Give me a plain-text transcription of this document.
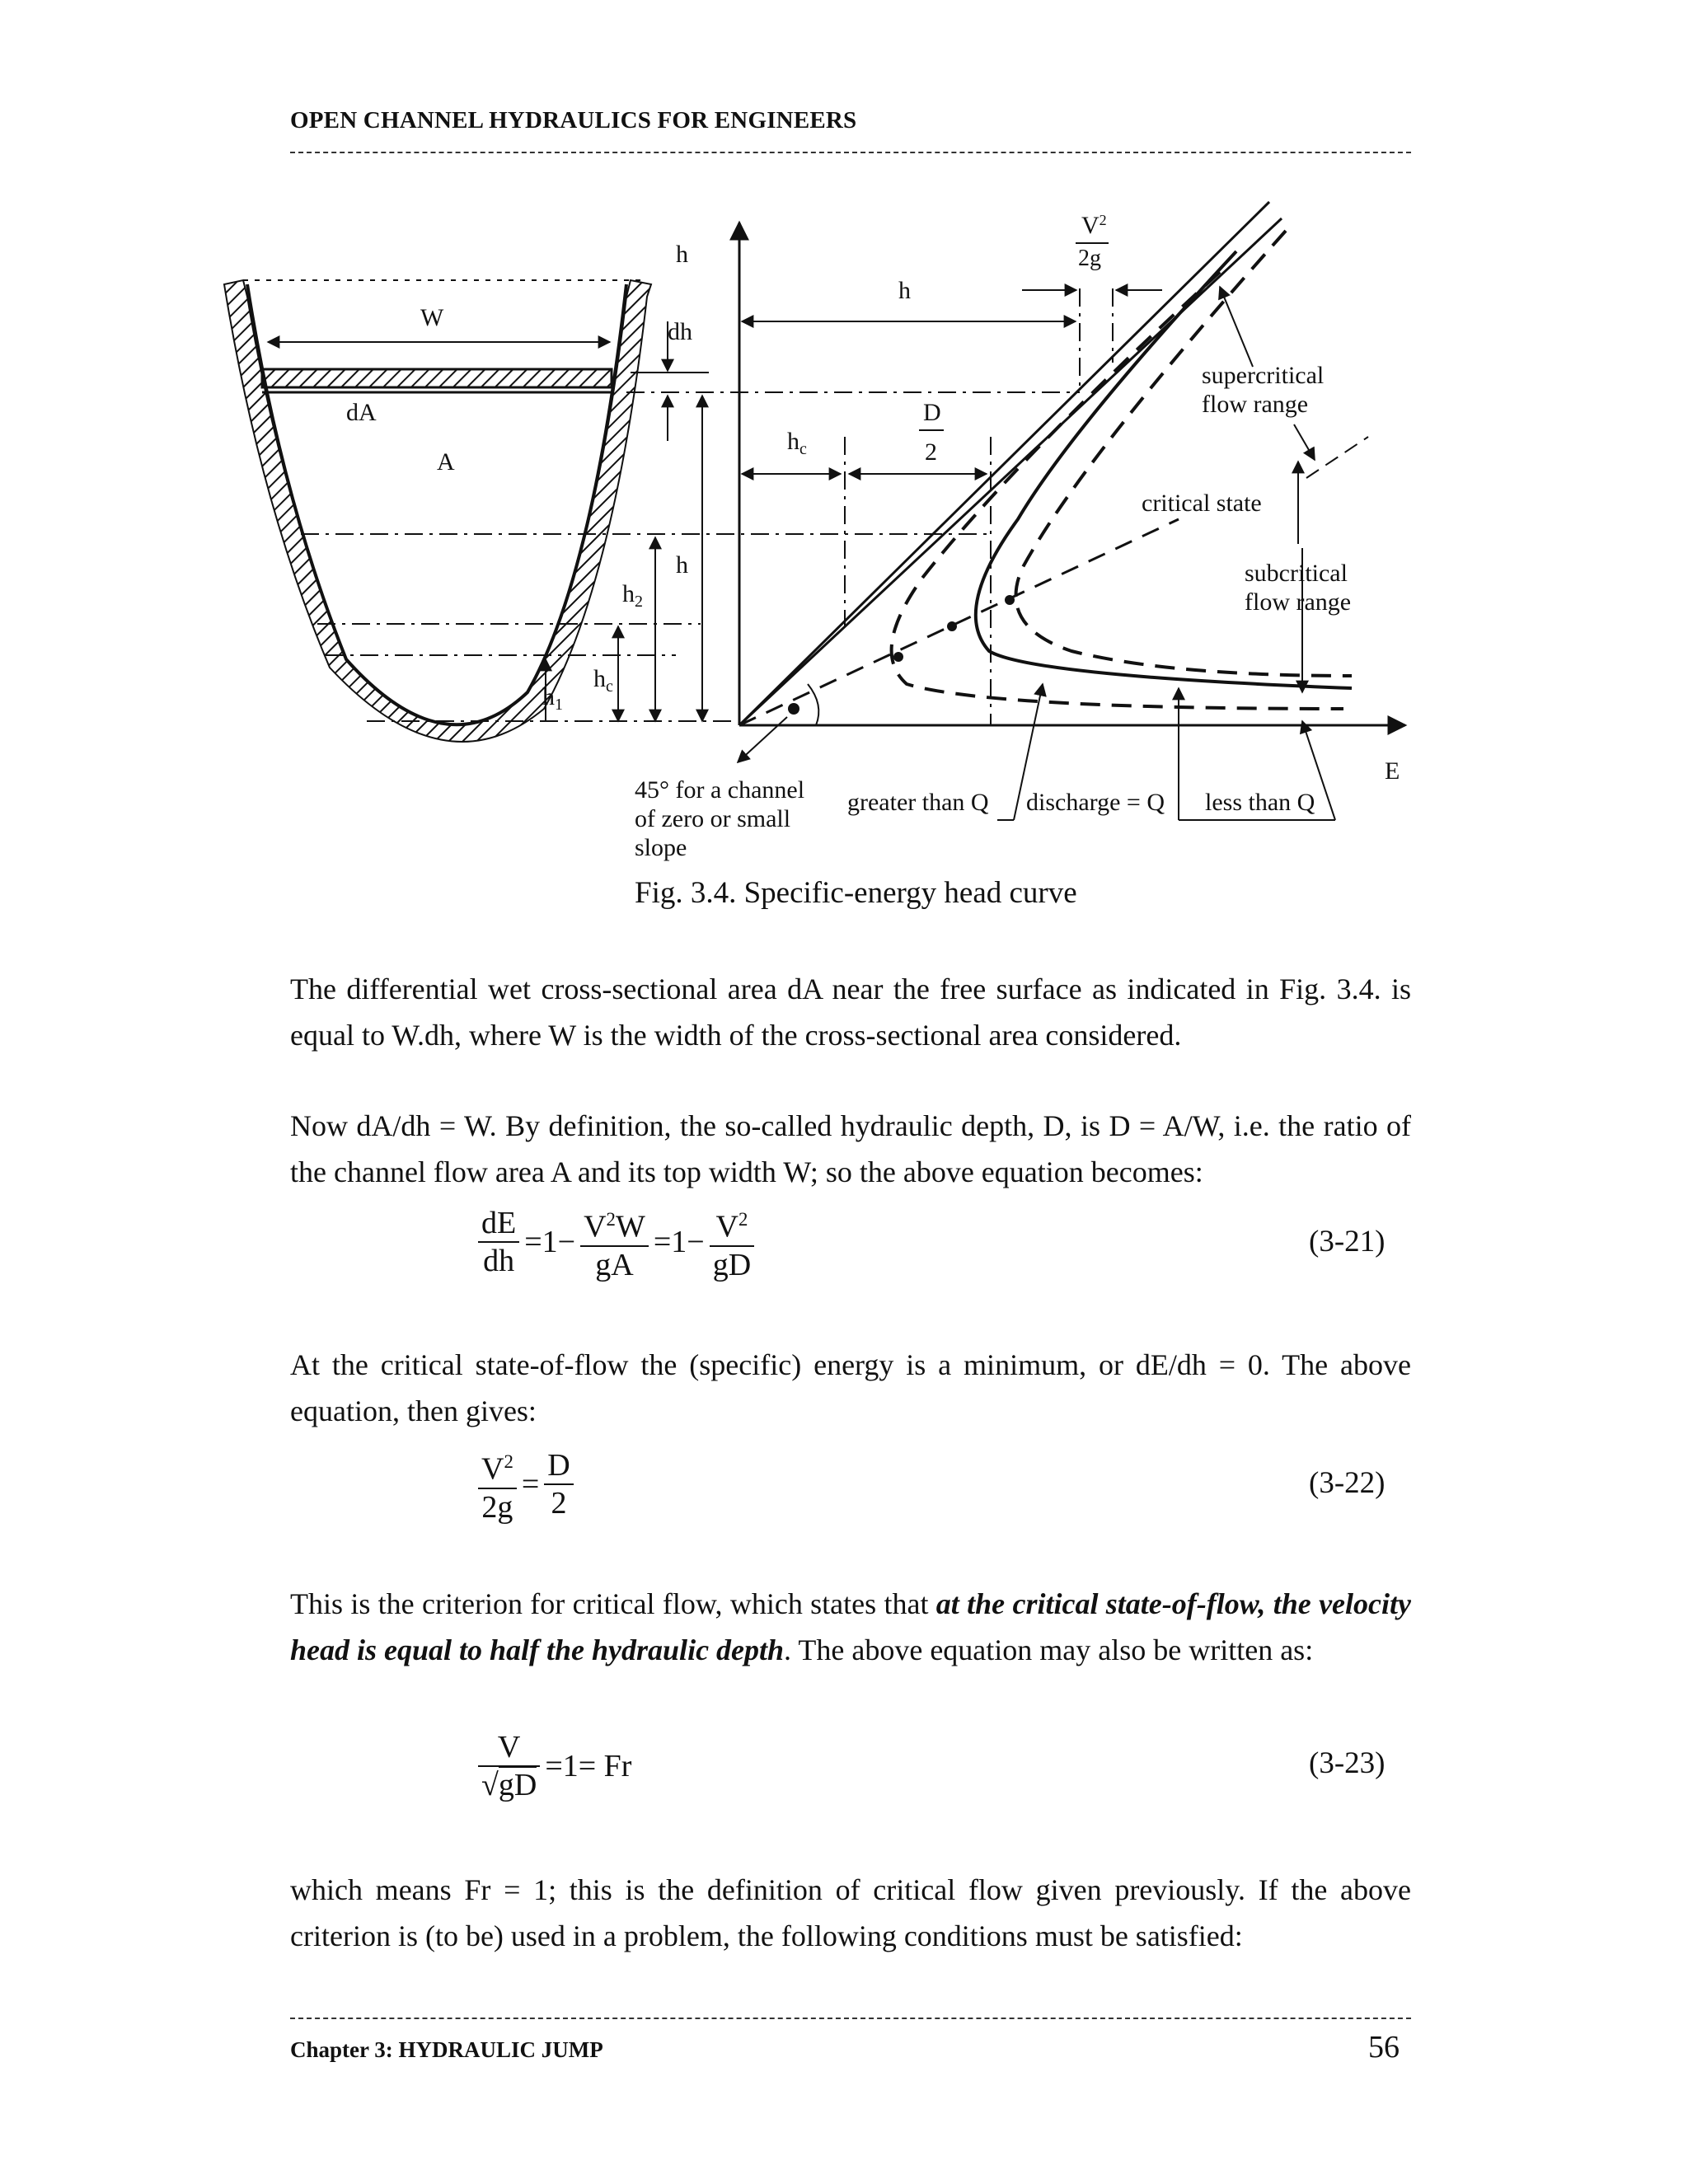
OPEN CHANNEL HYDRAULICS FOR ENGINEERS
W
dA
A
h
dh
h
h
$h_2$
$h_1$
$h_c$
$h_c$
D
2
$V^2$
2g
supercritical
flow range
critical state
subcritical
flow range
E
45° for a channel
of zero or small
slope
greater than Q discharge = Q less than Q
Fig. 3.4. Specific-energy head curve
The differential wet cross-sectional area dA near the free surface as indicated in Fig. 3.4. is equal to W.dh, where W is the width of the cross-sectional area considered.
Now dA/dh = W. By definition, the so-called hydraulic depth, D, is D = A/W, i.e. the ratio of the channel flow area A and its top width W; so the above equation becomes:
$\frac{dE}{dh} =1- \frac{V^2W}{gA} =1- \frac{V^2}{gD}$	(3-21)
At the critical state-of-flow the (specific) energy is a minimum, or dE/dh = 0. The above equation, then gives:
$\frac{V^2}{2g} = \frac{D}{2}$	(3-22)
This is the criterion for critical flow, which states that at the critical state-of-flow, the velocity head is equal to half the hydraulic depth. The above equation may also be written as:
$\frac{V}{√gD} =1= Fr$	(3-23)
which means Fr = 1; this is the definition of critical flow given previously. If the above criterion is (to be) used in a problem, the following conditions must be satisfied:
Chapter 3: HYDRAULIC JUMP	56
